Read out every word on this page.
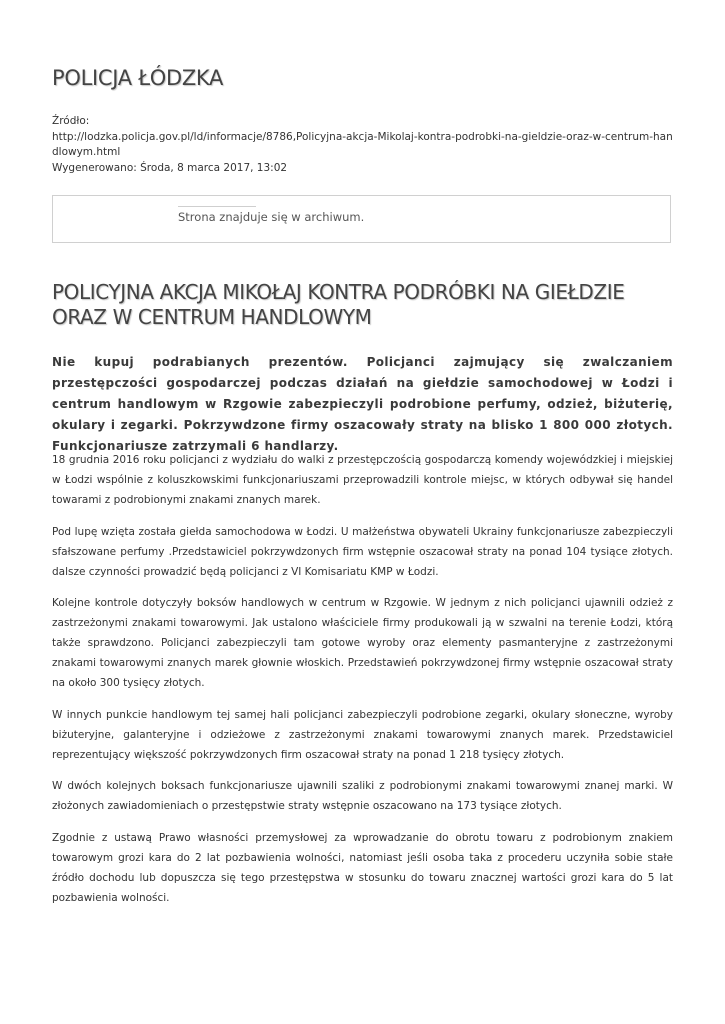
POLICJA ŁÓDZKA
Źródło:
http://lodzka.policja.gov.pl/ld/informacje/8786,Policyjna-akcja-Mikolaj-kontra-podrobki-na-gieldzie-oraz-w-centrum-handlowym.html
Wygenerowano: Środa, 8 marca 2017, 13:02
Strona znajduje się w archiwum.
POLICYJNA AKCJA MIKOŁAJ KONTRA PODRÓBKI NA GIEŁDZIE ORAZ W CENTRUM HANDLOWYM

Nie kupuj podrabianych prezentów. Policjanci zajmujący się zwalczaniem przestępczości gospodarczej podczas działań na giełdzie samochodowej w Łodzi i centrum handlowym w Rzgowie zabezpieczyli podrobione perfumy, odzież, biżuterię, okulary i zegarki. Pokrzywdzone firmy oszacowały straty na blisko 1 800 000 złotych. Funkcjonariusze zatrzymali 6 handlarzy.

18 grudnia 2016 roku policjanci z wydziału do walki z przestępczością gospodarczą komendy wojewódzkiej i miejskiej w Łodzi wspólnie z koluszkowskimi funkcjonariuszami przeprowadzili kontrole miejsc, w których odbywał się handel towarami z podrobionymi znakami znanych marek.

Pod lupę wzięta została giełda samochodowa w Łodzi. U małżeństwa obywateli Ukrainy funkcjonariusze zabezpieczyli sfałszowane perfumy .Przedstawiciel pokrzywdzonych firm wstępnie oszacował straty na ponad 104 tysiące złotych. dalsze czynności prowadzić będą policjanci z VI Komisariatu KMP w Łodzi.

Kolejne kontrole dotyczyły boksów handlowych w centrum w Rzgowie. W jednym z nich policjanci ujawnili odzież z zastrzeżonymi znakami towarowymi. Jak ustalono właściciele firmy produkowali ją w szwalni na terenie Łodzi, którą także sprawdzono. Policjanci zabezpieczyli tam gotowe wyroby oraz elementy pasmanteryjne z zastrzeżonymi znakami towarowymi znanych marek głownie włoskich. Przedstawień pokrzywdzonej firmy wstępnie oszacował straty na około 300 tysięcy złotych.

W innych punkcie handlowym tej samej hali policjanci zabezpieczyli podrobione zegarki, okulary słoneczne, wyroby biżuteryjne, galanteryjne i odzieżowe z zastrzeżonymi znakami towarowymi znanych marek. Przedstawiciel reprezentujący większość pokrzywdzonych firm oszacował straty na ponad 1 218 tysięcy złotych.

W dwóch kolejnych boksach funkcjonariusze ujawnili szaliki z podrobionymi znakami towarowymi znanej marki. W złożonych zawiadomieniach o przestępstwie straty wstępnie oszacowano na 173 tysiące złotych.

Zgodnie z ustawą Prawo własności przemysłowej za wprowadzanie do obrotu towaru z podrobionym znakiem towarowym grozi kara do 2 lat pozbawienia wolności, natomiast jeśli osoba taka z procederu uczyniła sobie stałe źródło dochodu lub dopuszcza się tego przestępstwa w stosunku do towaru znacznej wartości grozi kara do 5 lat pozbawienia wolności.
